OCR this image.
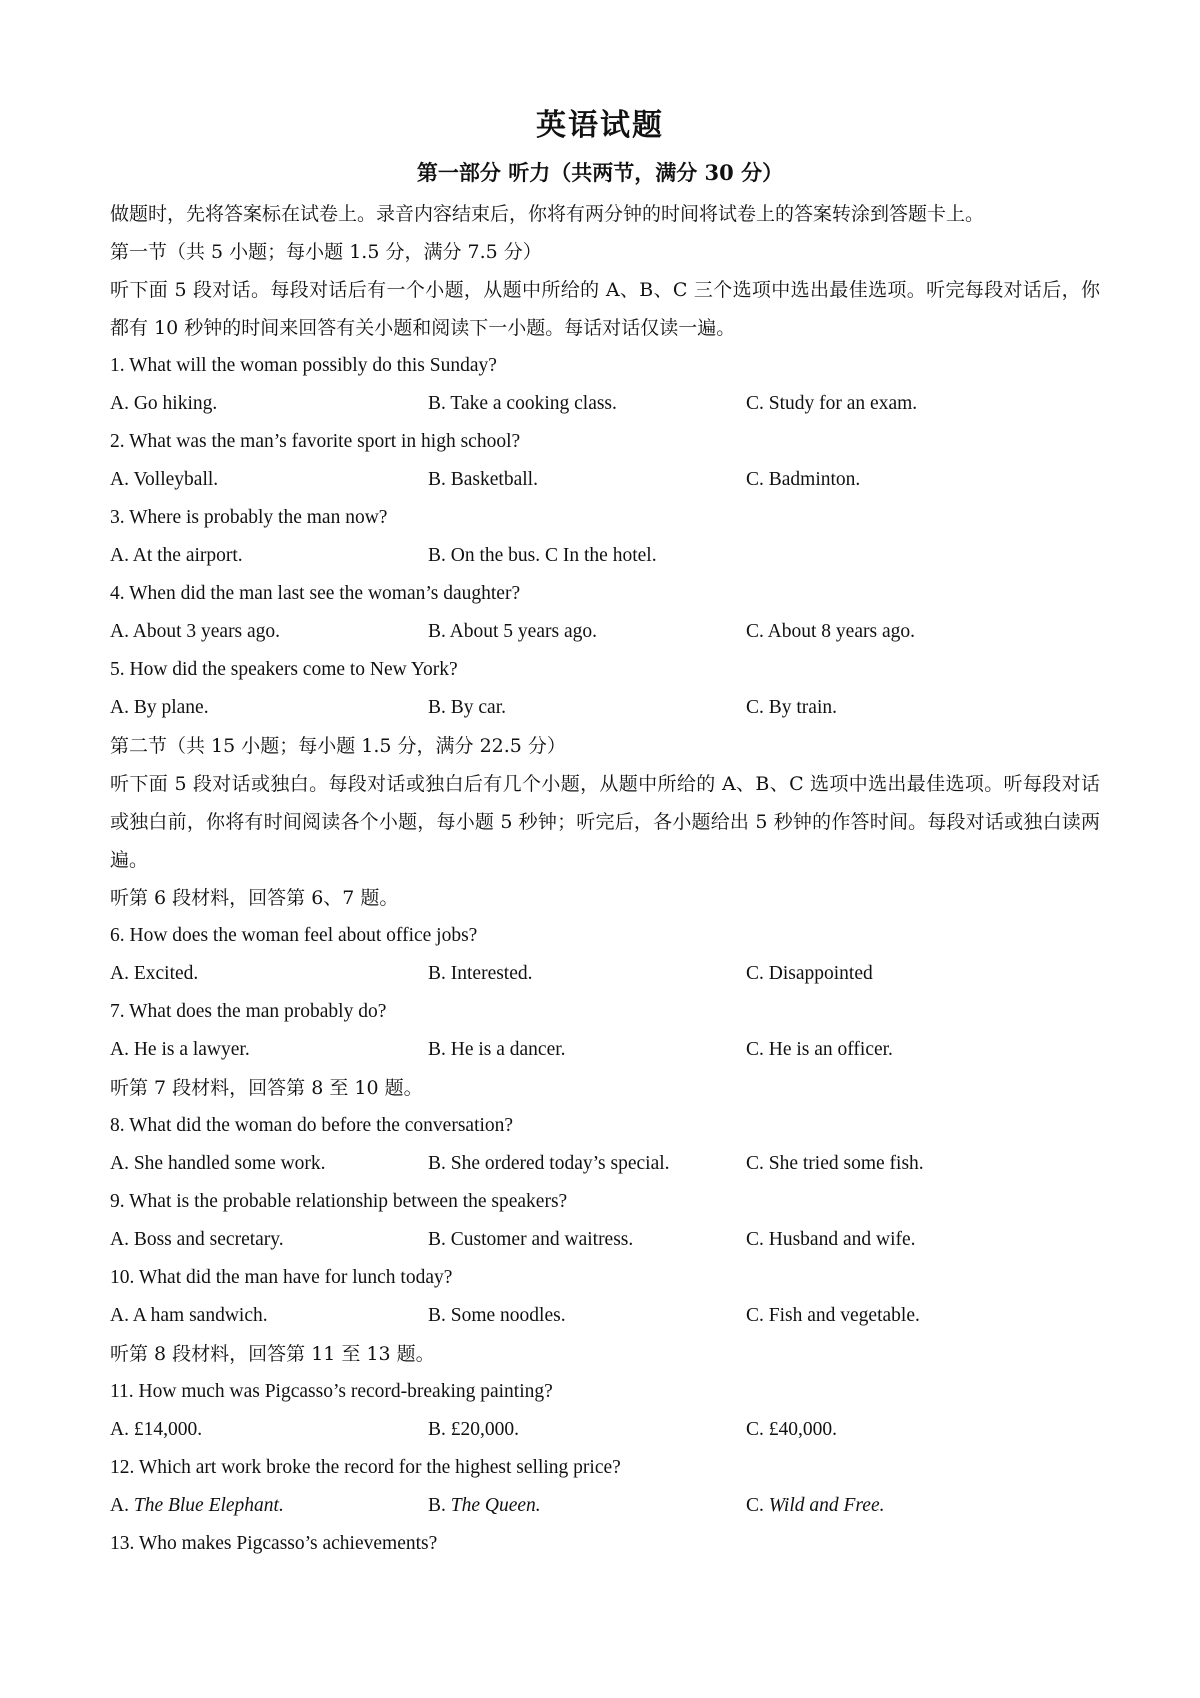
英语试题
第一部分 听力（共两节，满分 30 分）
做题时，先将答案标在试卷上。录音内容结束后，你将有两分钟的时间将试卷上的答案转涂到答题卡上。
第一节（共 5 小题；每小题 1.5 分，满分 7.5 分）
听下面 5 段对话。每段对话后有一个小题，从题中所给的 A、B、C 三个选项中选出最佳选项。听完每段对话后，你都有 10 秒钟的时间来回答有关小题和阅读下一小题。每话对话仅读一遍。
1. What will the woman possibly do this Sunday?
A. Go hiking.	B. Take a cooking class.	C. Study for an exam.
2. What was the man’s favorite sport in high school?
A. Volleyball.	B. Basketball.	C. Badminton.
3. Where is probably the man now?
A. At the airport.	B. On the bus. C In the hotel.
4. When did the man last see the woman’s daughter?
A. About 3 years ago.	B. About 5 years ago.	C. About 8 years ago.
5. How did the speakers come to New York?
A. By plane.	B. By car.	C. By train.
第二节（共 15 小题；每小题 1.5 分，满分 22.5 分）
听下面 5 段对话或独白。每段对话或独白后有几个小题，从题中所给的 A、B、C 选项中选出最佳选项。听每段对话或独白前，你将有时间阅读各个小题，每小题 5 秒钟；听完后，各小题给出 5 秒钟的作答时间。每段对话或独白读两遍。
听第 6 段材料，回答第 6、7 题。
6. How does the woman feel about office jobs?
A. Excited.	B. Interested.	C. Disappointed
7. What does the man probably do?
A. He is a lawyer.	B. He is a dancer.	C. He is an officer.
听第 7 段材料，回答第 8 至 10 题。
8. What did the woman do before the conversation?
A. She handled some work.	B. She ordered today’s special.	C. She tried some fish.
9. What is the probable relationship between the speakers?
A. Boss and secretary.	B. Customer and waitress.	C. Husband and wife.
10. What did the man have for lunch today?
A. A ham sandwich.	B. Some noodles.	C. Fish and vegetable.
听第 8 段材料，回答第 11 至 13 题。
11. How much was Pigcasso’s record-breaking painting?
A. £14,000.	B. £20,000.	C. £40,000.
12. Which art work broke the record for the highest selling price?
A. The Blue Elephant.	B. The Queen.	C. Wild and Free.
13. Who makes Pigcasso’s achievements?
